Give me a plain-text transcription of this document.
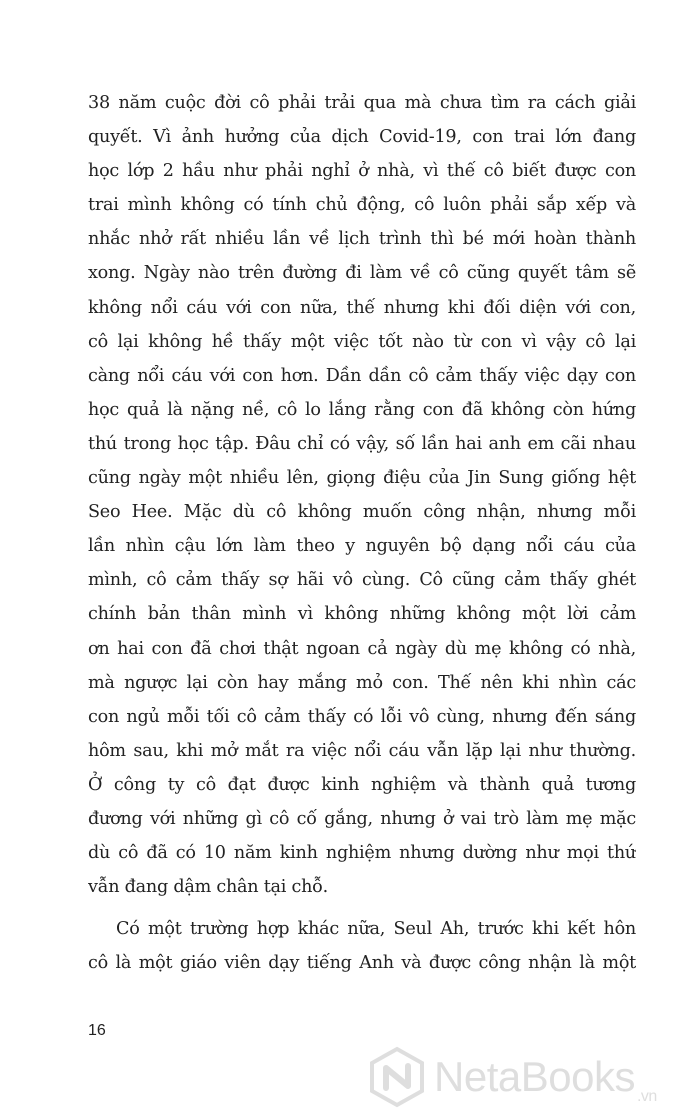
38 năm cuộc đời cô phải trải qua mà chưa tìm ra cách giải
quyết. Vì ảnh hưởng của dịch Covid-19, con trai lớn đang
học lớp 2 hầu như phải nghỉ ở nhà, vì thế cô biết được con
trai mình không có tính chủ động, cô luôn phải sắp xếp và
nhắc nhở rất nhiều lần về lịch trình thì bé mới hoàn thành
xong. Ngày nào trên đường đi làm về cô cũng quyết tâm sẽ
không nổi cáu với con nữa, thế nhưng khi đối diện với con,
cô lại không hề thấy một việc tốt nào từ con vì vậy cô lại
càng nổi cáu với con hơn. Dần dần cô cảm thấy việc dạy con
học quả là nặng nề, cô lo lắng rằng con đã không còn hứng
thú trong học tập. Đâu chỉ có vậy, số lần hai anh em cãi nhau
cũng ngày một nhiều lên, giọng điệu của Jin Sung giống hệt
Seo Hee. Mặc dù cô không muốn công nhận, nhưng mỗi
lần nhìn cậu lớn làm theo y nguyên bộ dạng nổi cáu của
mình, cô cảm thấy sợ hãi vô cùng. Cô cũng cảm thấy ghét
chính bản thân mình vì không những không một lời cảm
ơn hai con đã chơi thật ngoan cả ngày dù mẹ không có nhà,
mà ngược lại còn hay mắng mỏ con. Thế nên khi nhìn các
con ngủ mỗi tối cô cảm thấy có lỗi vô cùng, nhưng đến sáng
hôm sau, khi mở mắt ra việc nổi cáu vẫn lặp lại như thường.
Ở công ty cô đạt được kinh nghiệm và thành quả tương
đương với những gì cô cố gắng, nhưng ở vai trò làm mẹ mặc
dù cô đã có 10 năm kinh nghiệm nhưng dường như mọi thứ
vẫn đang dậm chân tại chỗ.
Có một trường hợp khác nữa, Seul Ah, trước khi kết hôn
cô là một giáo viên dạy tiếng Anh và được công nhận là một
16
NetaBooks $_{.vn}$
